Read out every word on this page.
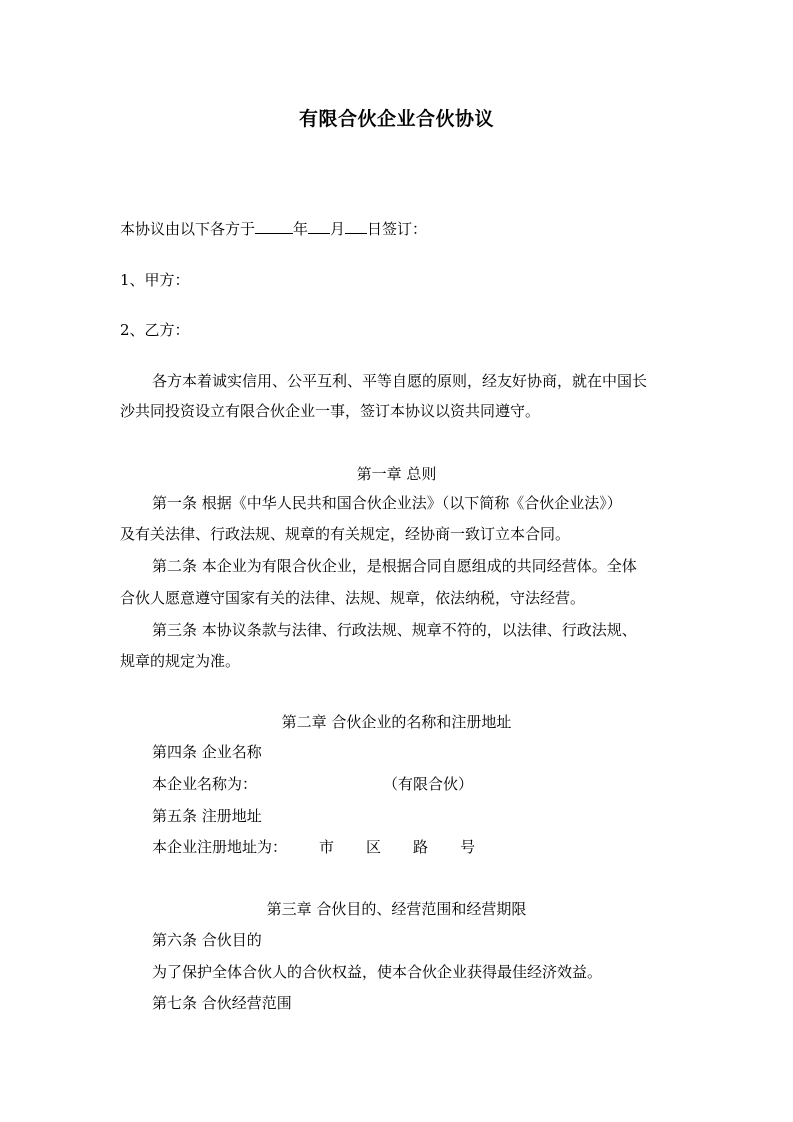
有限合伙企业合伙协议
本协议由以下各方于	年 月 日签订：
1、甲方：
2、乙方：
各方本着诚实信用、公平互利、平等自愿的原则，经友好协商，就在中国长
沙共同投资设立有限合伙企业一事，签订本协议以资共同遵守。
第一章 总则
第一条 根据《中华人民共和国合伙企业法》（以下简称《合伙企业法》）
及有关法律、行政法规、规章的有关规定，经协商一致订立本合同。
第二条 本企业为有限合伙企业，是根据合同自愿组成的共同经营体。全体
合伙人愿意遵守国家有关的法律、法规、规章，依法纳税，守法经营。
第三条 本协议条款与法律、行政法规、规章不符的，以法律、行政法规、
规章的规定为准。
第二章 合伙企业的名称和注册地址
第四条 企业名称
本企业名称为：	（有限合伙）
第五条 注册地址
本企业注册地址为： 市 区 路 号
第三章 合伙目的、经营范围和经营期限
第六条 合伙目的
为了保护全体合伙人的合伙权益，使本合伙企业获得最佳经济效益。
第七条 合伙经营范围
